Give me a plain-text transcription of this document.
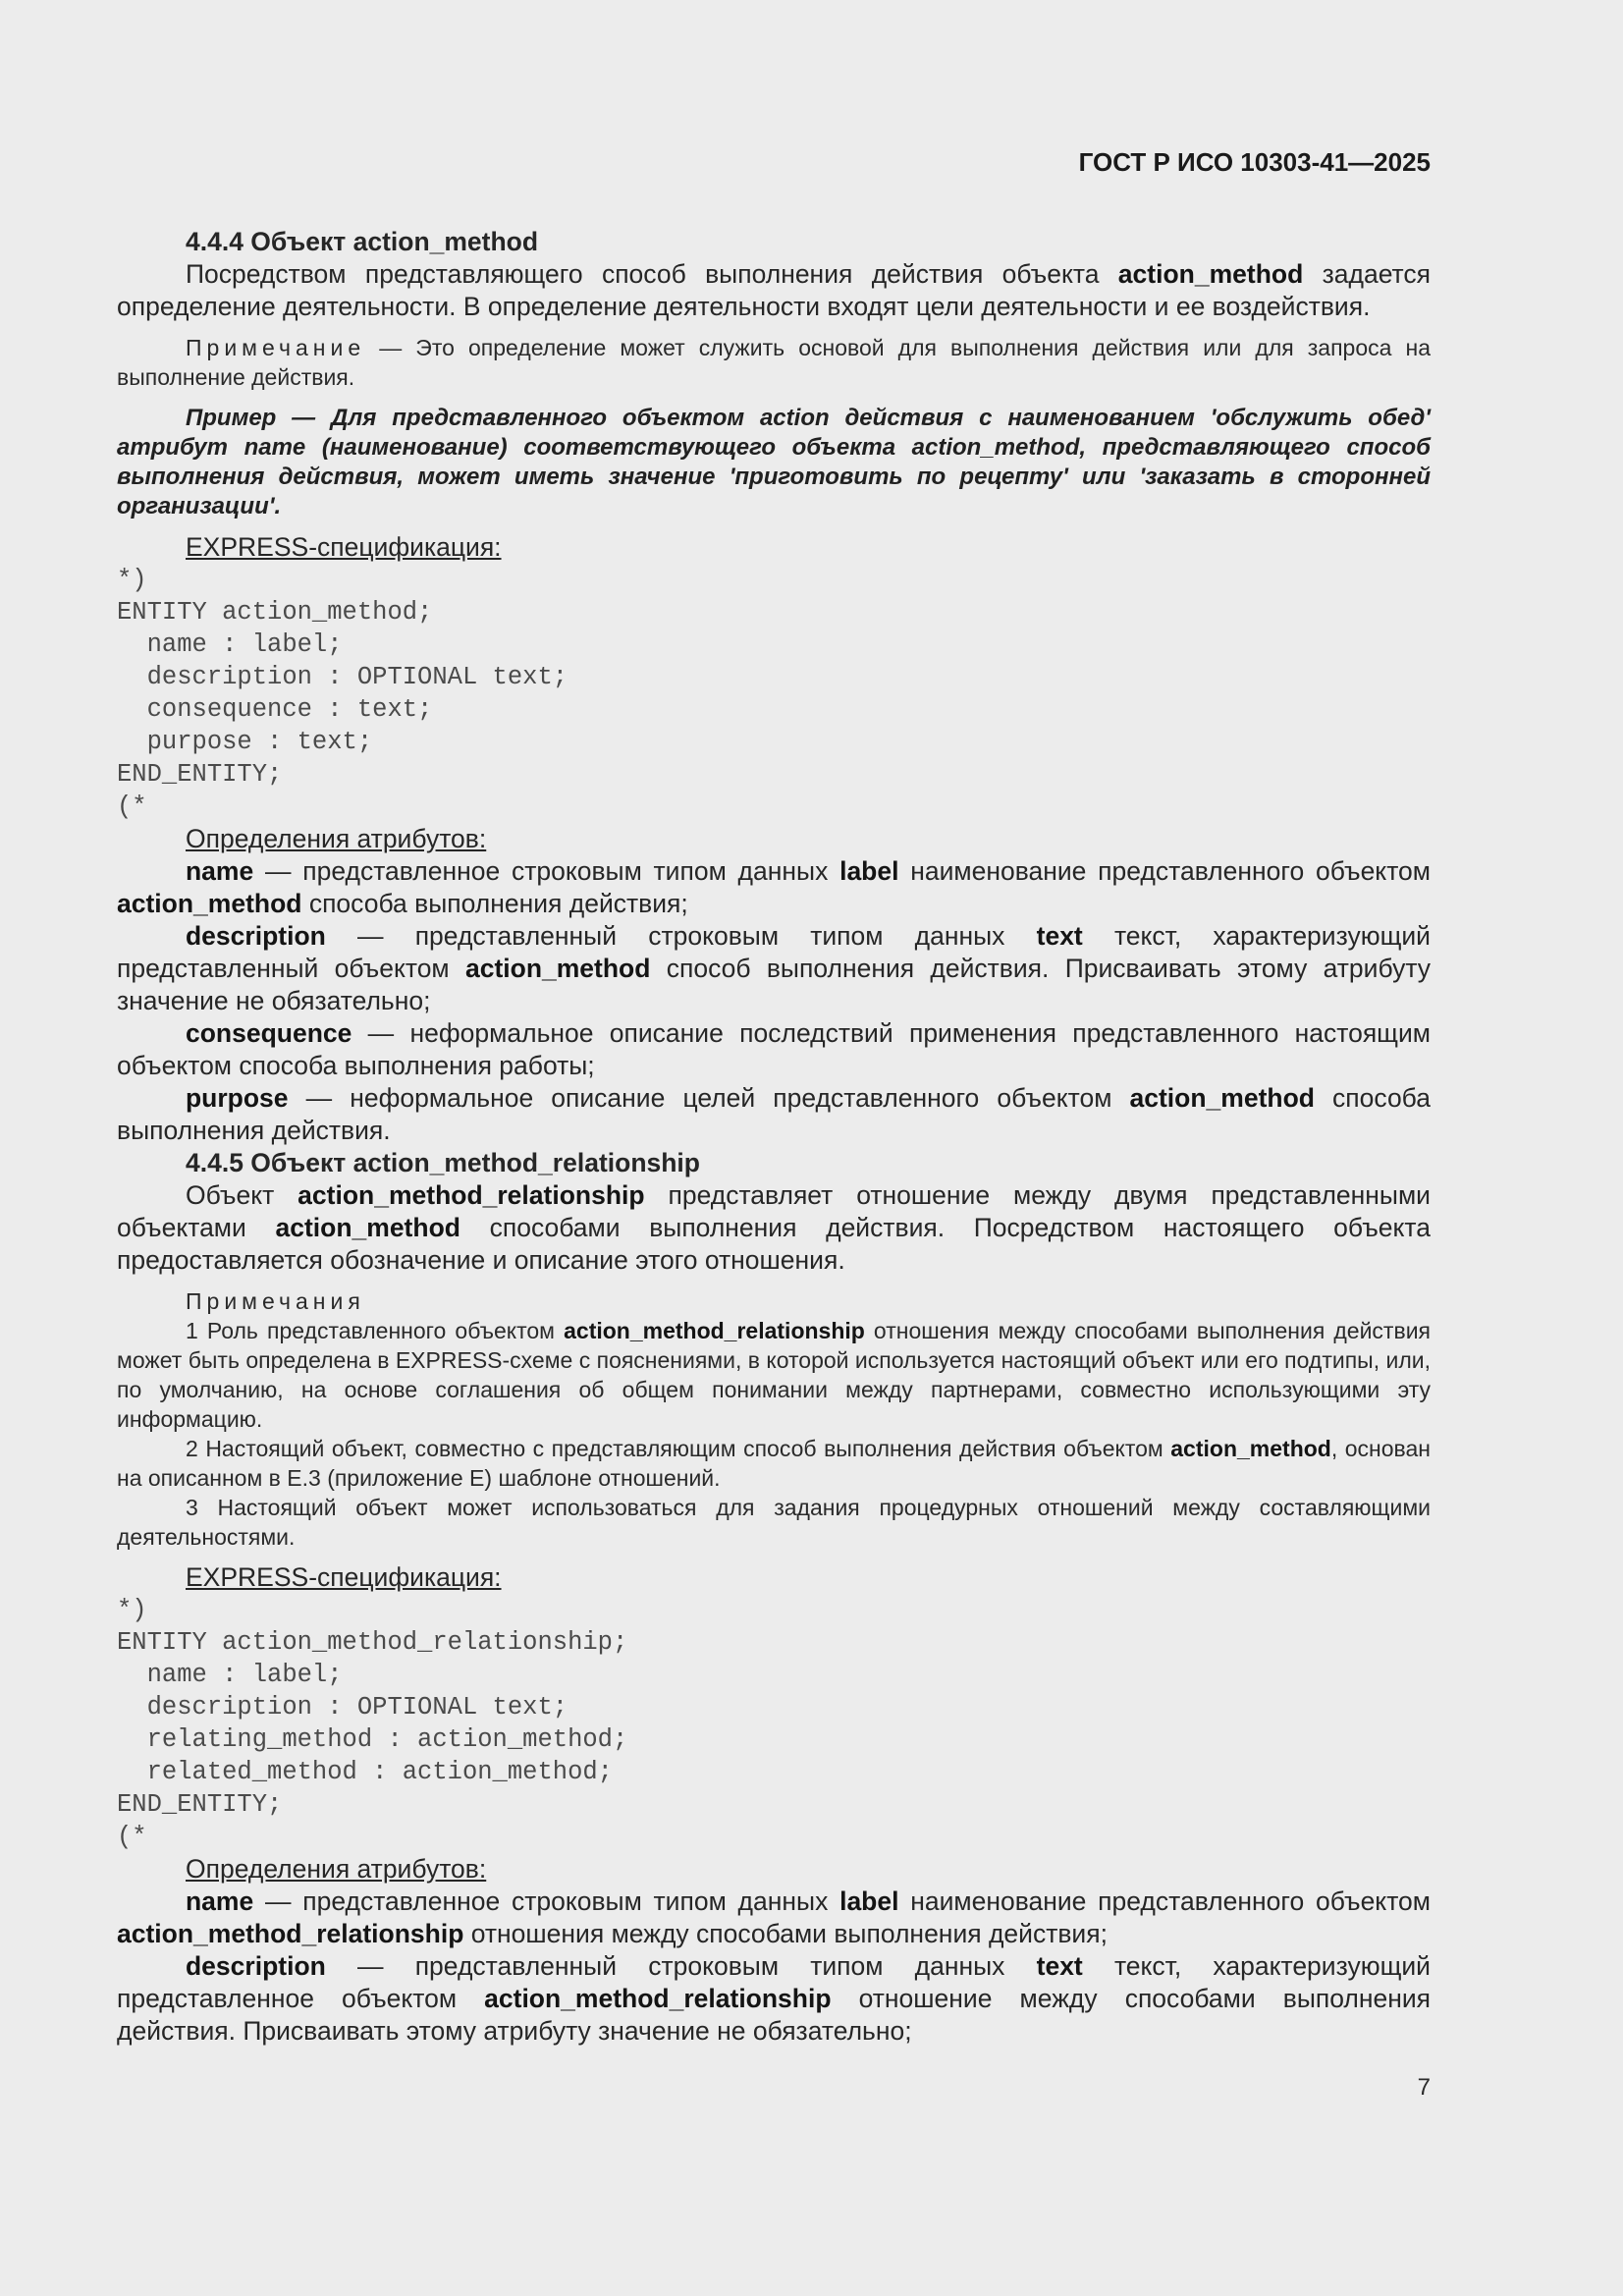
ГОСТ Р ИСО 10303-41—2025

4.4.4 Объект action_method

Посредством представляющего способ выполнения действия объекта action_method задается определение деятельности. В определение деятельности входят цели деятельности и ее воздействия.

Примечание — Это определение может служить основой для выполнения действия или для запроса на выполнение действия.

Пример — Для представленного объектом action действия с наименованием 'обслужить обед' атрибут name (наименование) соответствующего объекта action_method, представляющего способ выполнения действия, может иметь значение 'приготовить по рецепту' или 'заказать в сторонней организации'.

EXPRESS-спецификация:

*)
ENTITY action_method;
name : label;
description : OPTIONAL text;
consequence : text;
purpose : text;
END_ENTITY;
(*

Определения атрибутов:

name — представленное строковым типом данных label наименование представленного объектом action_method способа выполнения действия;

description — представленный строковым типом данных text текст, характеризующий представленный объектом action_method способ выполнения действия. Присваивать этому атрибуту значение не обязательно;

consequence — неформальное описание последствий применения представленного настоящим объектом способа выполнения работы;

purpose — неформальное описание целей представленного объектом action_method способа выполнения действия.

4.4.5 Объект action_method_relationship

Объект action_method_relationship представляет отношение между двумя представленными объектами action_method способами выполнения действия. Посредством настоящего объекта предоставляется обозначение и описание этого отношения.

Примечания

1 Роль представленного объектом action_method_relationship отношения между способами выполнения действия может быть определена в EXPRESS-схеме с пояснениями, в которой используется настоящий объект или его подтипы, или, по умолчанию, на основе соглашения об общем понимании между партнерами, совместно использующими эту информацию.

2 Настоящий объект, совместно с представляющим способ выполнения действия объектом action_method, основан на описанном в Е.3 (приложение Е) шаблоне отношений.

3 Настоящий объект может использоваться для задания процедурных отношений между составляющими деятельностями.

EXPRESS-спецификация:

*)
ENTITY action_method_relationship;
name : label;
description : OPTIONAL text;
relating_method : action_method;
related_method : action_method;
END_ENTITY;
(*

Определения атрибутов:

name — представленное строковым типом данных label наименование представленного объектом action_method_relationship отношения между способами выполнения действия;

description — представленный строковым типом данных text текст, характеризующий представленное объектом action_method_relationship отношение между способами выполнения действия. Присваивать этому атрибуту значение не обязательно;

7
